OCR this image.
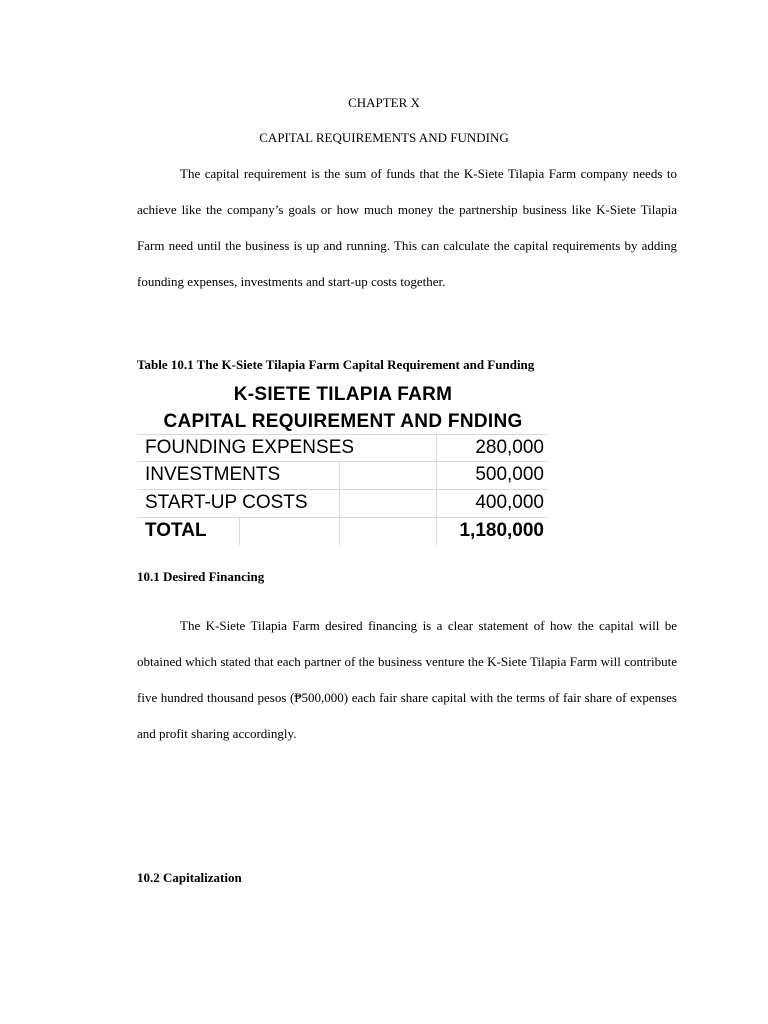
CHAPTER X
CAPITAL REQUIREMENTS AND FUNDING

The capital requirement is the sum of funds that the K-Siete Tilapia Farm company needs to achieve like the company’s goals or how much money the partnership business like K-Siete Tilapia Farm need until the business is up and running. This can calculate the capital requirements by adding founding expenses, investments and start-up costs together.

Table 10.1 The K-Siete Tilapia Farm Capital Requirement and Funding
K-SIETE TILAPIA FARM
CAPITAL REQUIREMENT AND FNDING
FOUNDING EXPENSES	280,000
INVESTMENTS	500,000
START-UP COSTS	400,000
TOTAL	1,180,000
10.1 Desired Financing

The K-Siete Tilapia Farm desired financing is a clear statement of how the capital will be obtained which stated that each partner of the business venture the K-Siete Tilapia Farm will contribute five hundred thousand pesos (₱500,000) each fair share capital with the terms of fair share of expenses and profit sharing accordingly.

10.2 Capitalization
